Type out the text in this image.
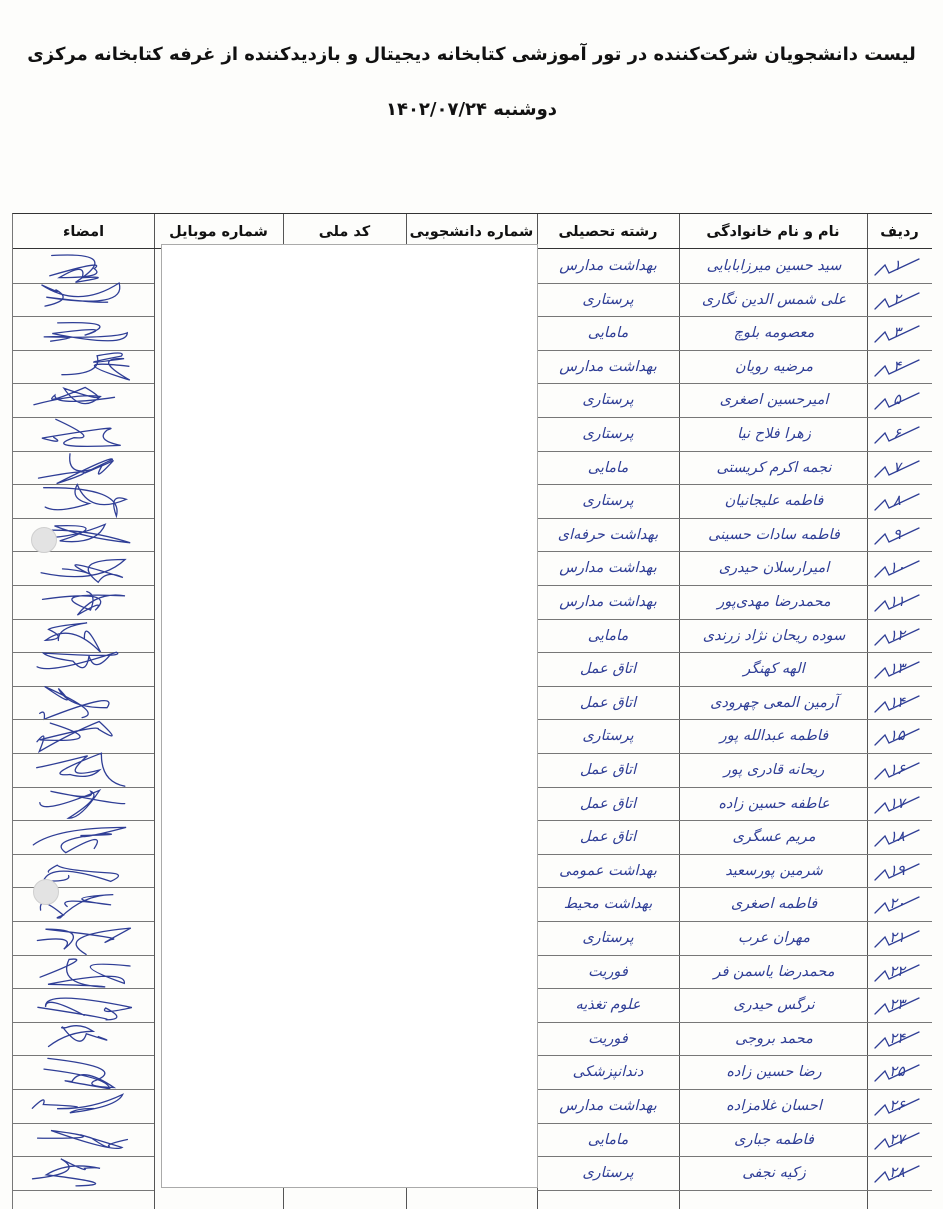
لیست دانشجویان شرکت‌کننده در تور آموزشی کتابخانه دیجیتال و بازدیدکننده از غرفه کتابخانه مرکزی
دوشنبه ۱۴۰۲/۰۷/۲۴
ردیف
نام و نام خانوادگی
رشته تحصیلی
شماره دانشجویی
کد ملی
شماره موبایل
امضاء
۱
سید حسین میرزابابایی
بهداشت مدارس
۲
علی شمس الدین نگاری
پرستاری
۳
معصومه بلوچ
مامایی
۴
مرضیه رویان
بهداشت مدارس
۵
امیرحسین اصغری
پرستاری
۶
زهرا فلاح نیا
پرستاری
۷
نجمه اکرم کریستی
مامایی
۸
فاطمه علیجانیان
پرستاری
۹
فاطمه سادات حسینی
بهداشت حرفه‌ای
۱۰
امیرارسلان حیدری
بهداشت مدارس
۱۱
محمدرضا مهدی‌پور
بهداشت مدارس
۱۲
سوده ریحان نژاد زرندی
مامایی
۱۳
الهه کهنگر
اتاق عمل
۱۴
آرمین المعی چهرودی
اتاق عمل
۱۵
فاطمه عبدالله پور
پرستاری
۱۶
ریحانه قادری پور
اتاق عمل
۱۷
عاطفه حسین زاده
اتاق عمل
۱۸
مریم عسگری
اتاق عمل
۱۹
شرمین پورسعید
بهداشت عمومی
۲۰
فاطمه اصغری
بهداشت محیط
۲۱
مهران عرب
پرستاری
۲۲
محمدرضا یاسمن فر
فوریت
۲۳
نرگس حیدری
علوم تغذیه
۲۴
محمد بروجی
فوریت
۲۵
رضا حسین زاده
دندانپزشکی
۲۶
احسان غلامزاده
بهداشت مدارس
۲۷
فاطمه جباری
مامایی
۲۸
زکیه نجفی
پرستاری
